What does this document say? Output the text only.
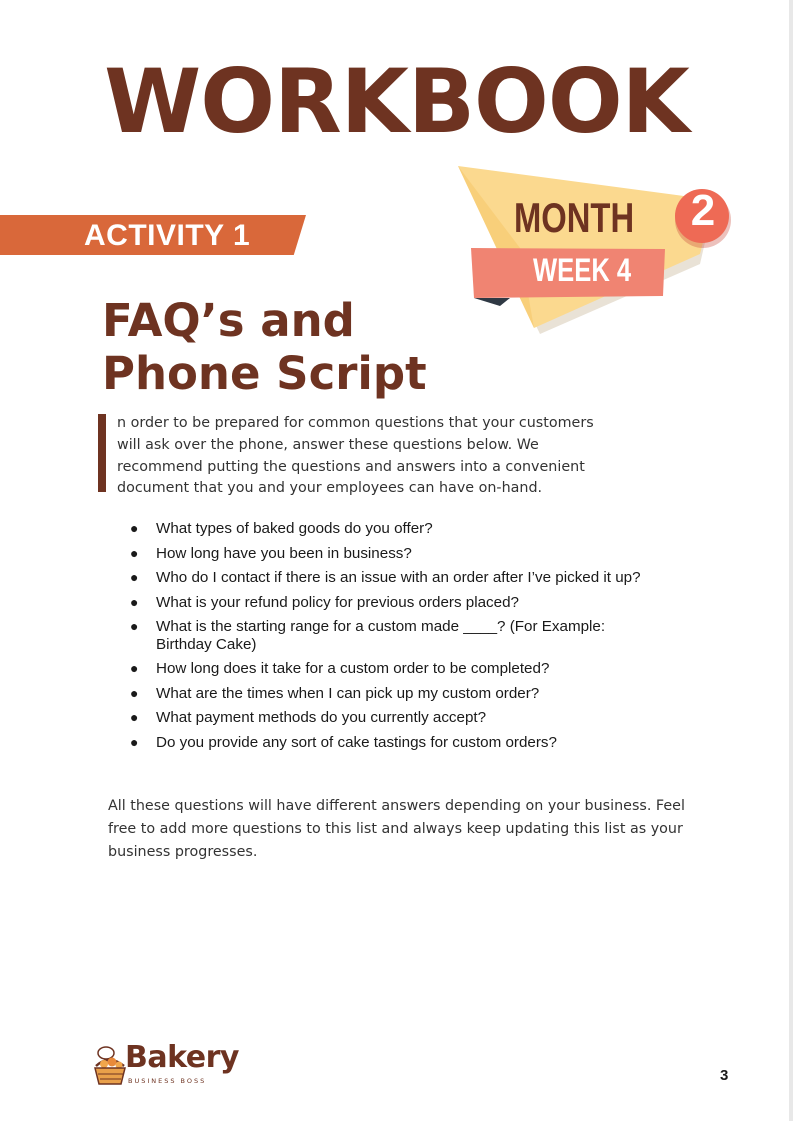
WORKBOOK
ACTIVITY 1	MONTH	2
WEEK 4
FAQ’s and
Phone Script

n order to be prepared for common questions that your customers
will ask over the phone, answer these questions below. We
recommend putting the questions and answers into a convenient
document that you and your employees can have on-hand.

● What types of baked goods do you offer?
● How long have you been in business?
● Who do I contact if there is an issue with an order after I’ve picked it up?
● What is your refund policy for previous orders placed?
● What is the starting range for a custom made ____? (For Example: Birthday Cake)
● How long does it take for a custom order to be completed?
● What are the times when I can pick up my custom order?
● What payment methods do you currently accept?
● Do you provide any sort of cake tastings for custom orders?

All these questions will have different answers depending on your business. Feel
free to add more questions to this list and always keep updating this list as your
business progresses.

Bakery
BUSINESS BOSS	3
